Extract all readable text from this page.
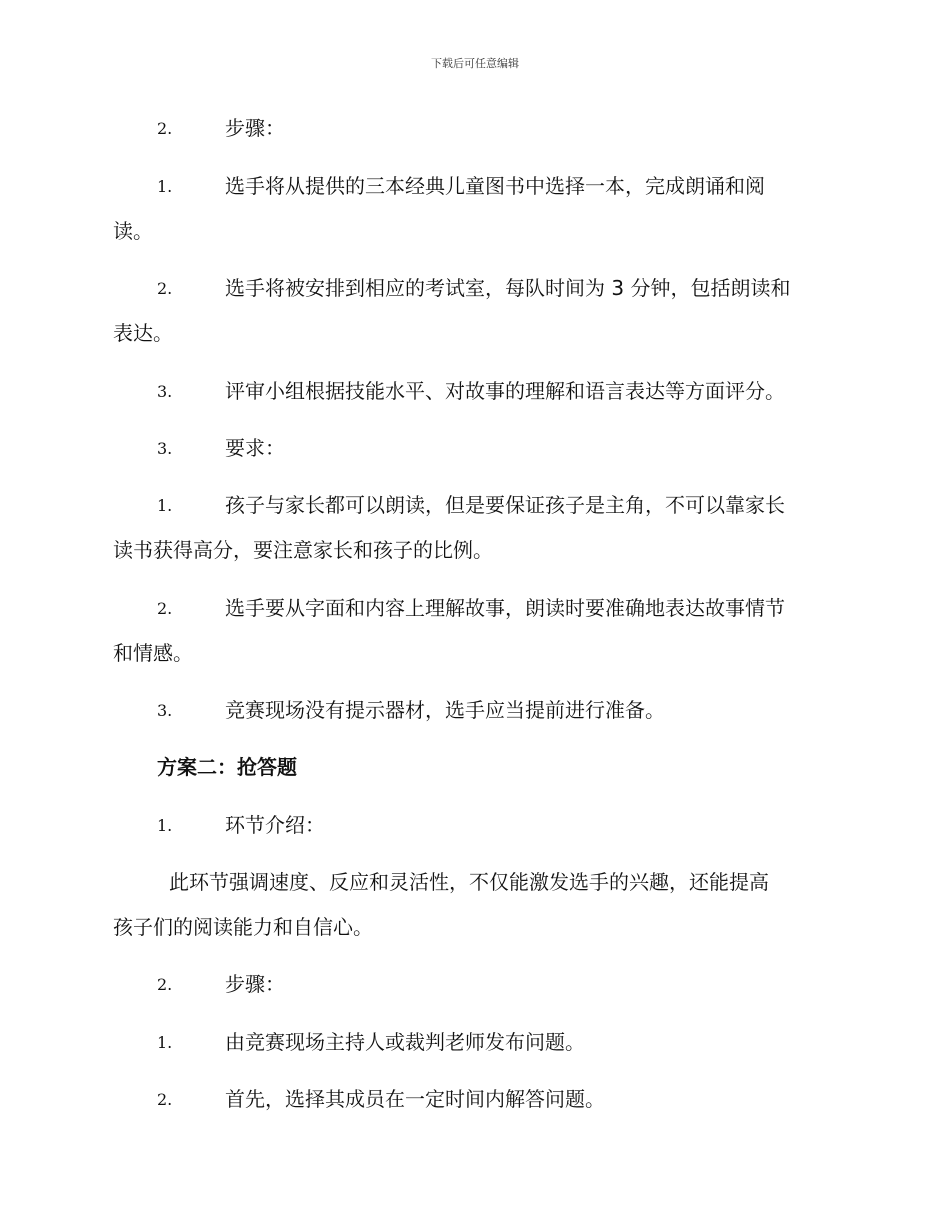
下载后可任意编辑
2.	步骤：
1.	选手将从提供的三本经典儿童图书中选择一本，完成朗诵和阅
读。
2.	选手将被安排到相应的考试室，每队时间为 3 分钟，包括朗读和
表达。
3.	评审小组根据技能水平、对故事的理解和语言表达等方面评分。
3.	要求：
1.	孩子与家长都可以朗读，但是要保证孩子是主角，不可以靠家长
读书获得高分，要注意家长和孩子的比例。
2.	选手要从字面和内容上理解故事，朗读时要准确地表达故事情节
和情感。
3.	竞赛现场没有提示器材，选手应当提前进行准备。
方案二：抢答题
1.	环节介绍：
此环节强调速度、反应和灵活性，不仅能激发选手的兴趣，还能提高
孩子们的阅读能力和自信心。
2.	步骤：
1.	由竞赛现场主持人或裁判老师发布问题。
2.	首先，选择其成员在一定时间内解答问题。
